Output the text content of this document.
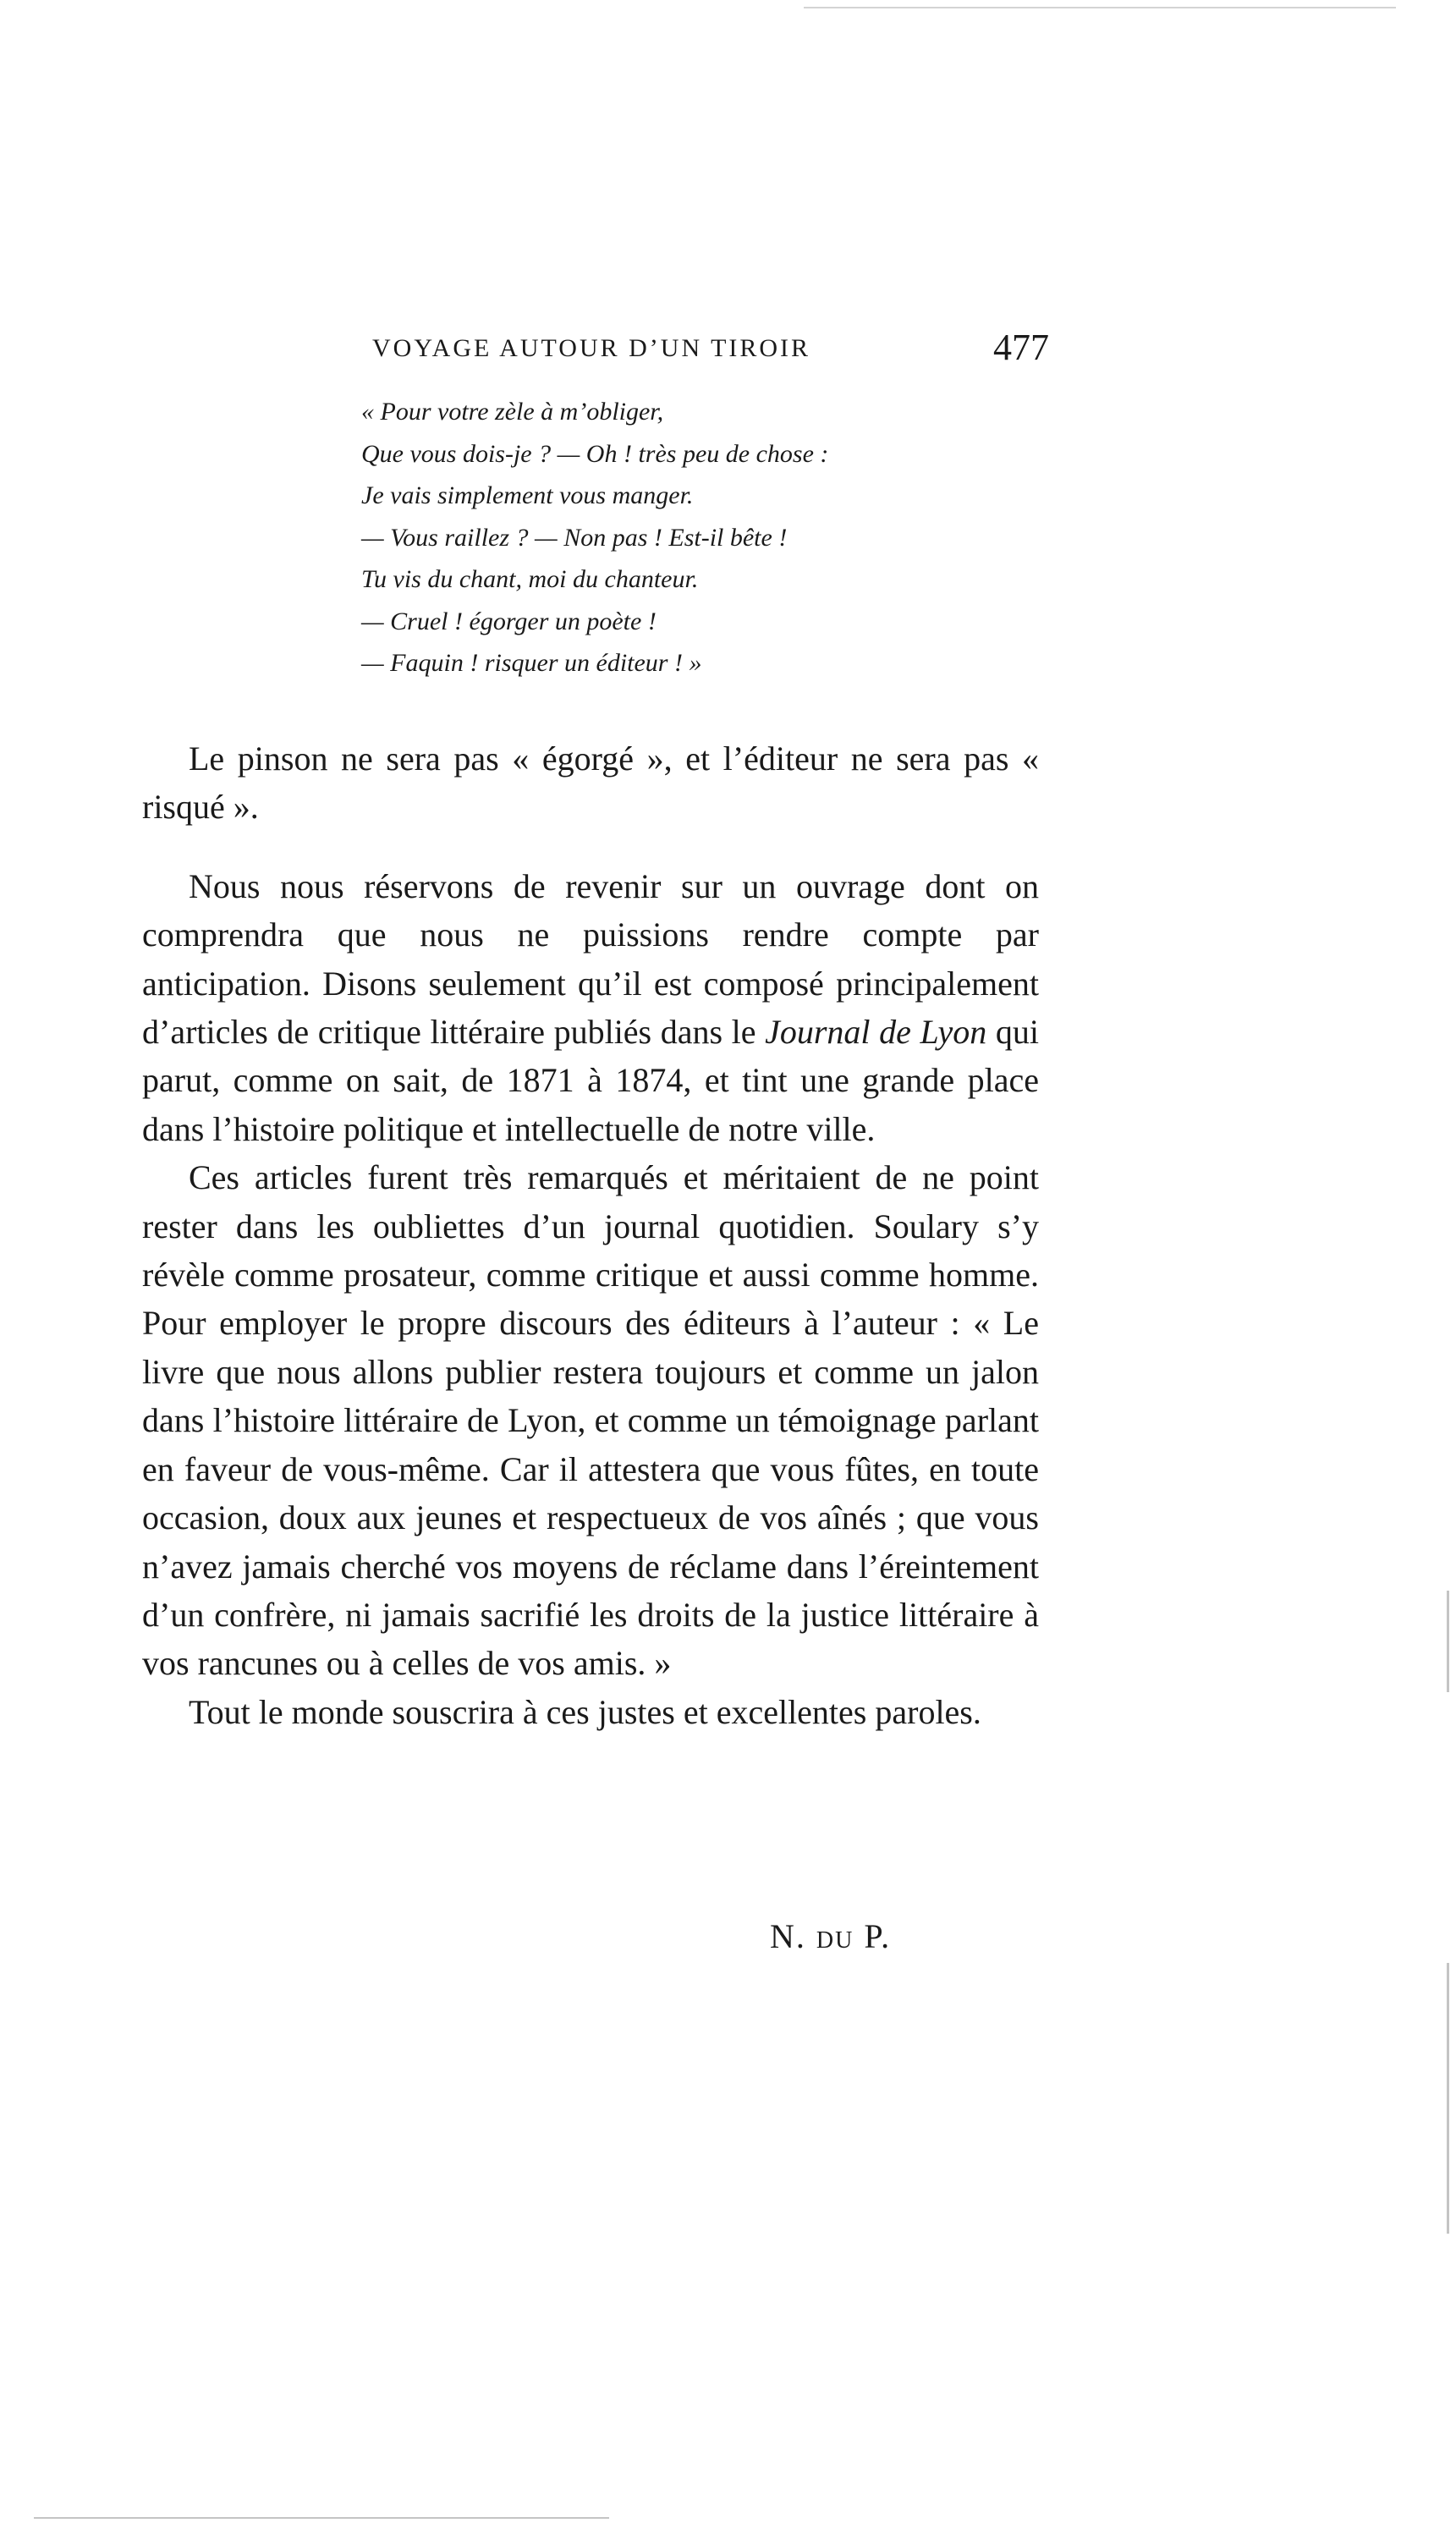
VOYAGE AUTOUR D’UN TIROIR	477
« Pour votre zèle à m’obliger,
Que vous dois-je ? — Oh ! très peu de chose :
Je vais simplement vous manger.
— Vous raillez ? — Non pas ! Est-il bête !
Tu vis du chant, moi du chanteur.
— Cruel ! égorger un poète !
— Faquin ! risquer un éditeur ! »

Le pinson ne sera pas « égorgé », et l’éditeur ne sera pas « risqué ».

Nous nous réservons de revenir sur un ouvrage dont on comprendra que nous ne puissions rendre compte par anticipation. Disons seulement qu’il est composé principalement d’articles de critique littéraire publiés dans le Journal de Lyon qui parut, comme on sait, de 1871 à 1874, et tint une grande place dans l’histoire politique et intellectuelle de notre ville.

Ces articles furent très remarqués et méritaient de ne point rester dans les oubliettes d’un journal quotidien. Soulary s’y révèle comme prosateur, comme critique et aussi comme homme. Pour employer le propre discours des éditeurs à l’auteur : « Le livre que nous allons publier restera toujours et comme un jalon dans l’histoire littéraire de Lyon, et comme un témoignage parlant en faveur de vous-même. Car il attestera que vous fûtes, en toute occasion, doux aux jeunes et respectueux de vos aînés ; que vous n’avez jamais cherché vos moyens de réclame dans l’éreintement d’un confrère, ni jamais sacrifié les droits de la justice littéraire à vos rancunes ou à celles de vos amis. »

Tout le monde souscrira à ces justes et excellentes paroles.

N. du P.
